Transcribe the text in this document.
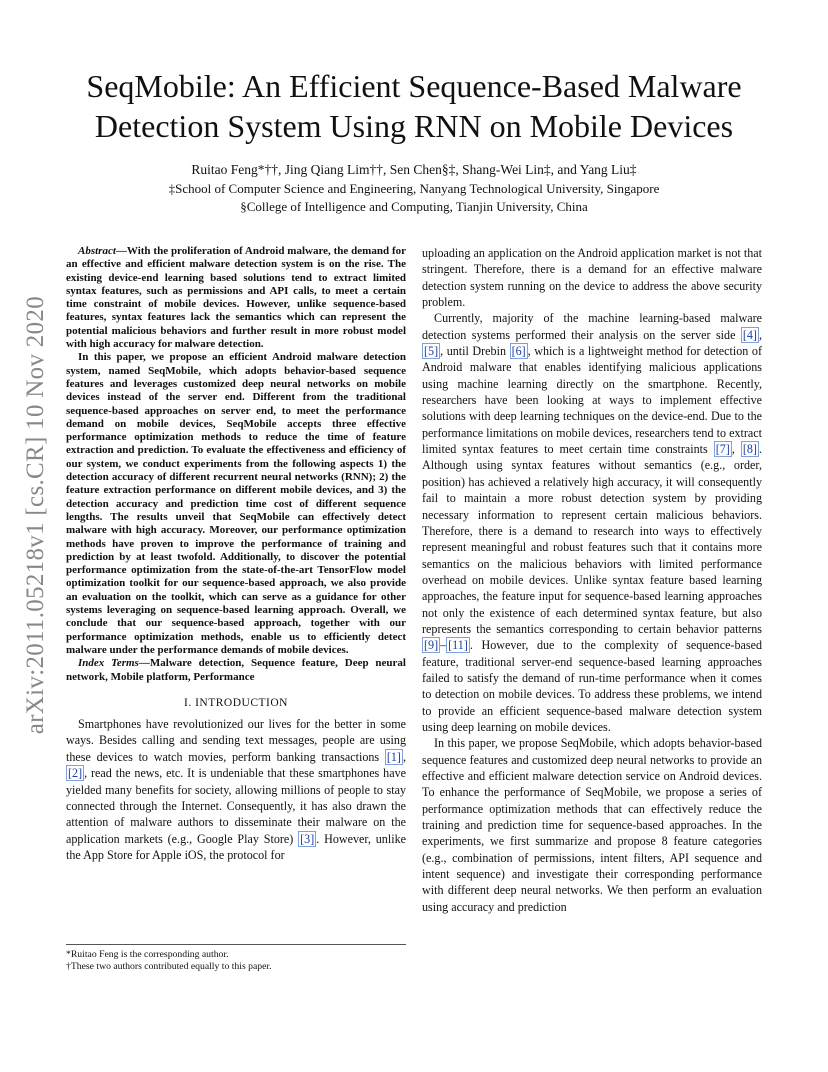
arXiv:2011.05218v1 [cs.CR] 10 Nov 2020
SeqMobile: An Efficient Sequence-Based Malware
Detection System Using RNN on Mobile Devices
Ruitao Feng*††, Jing Qiang Lim††, Sen Chen§‡, Shang-Wei Lin‡, and Yang Liu‡
‡School of Computer Science and Engineering, Nanyang Technological University, Singapore
§College of Intelligence and Computing, Tianjin University, China

Abstract—With the proliferation of Android malware, the demand for an effective and efficient malware detection system is on the rise. The existing device-end learning based solutions tend to extract limited syntax features, such as permissions and API calls, to meet a certain time constraint of mobile devices. However, unlike sequence-based features, syntax features lack the semantics which can represent the potential malicious behaviors and further result in more robust model with high accuracy for malware detection.

In this paper, we propose an efficient Android malware detection system, named SeqMobile, which adopts behavior-based sequence features and leverages customized deep neural networks on mobile devices instead of the server end. Different from the traditional sequence-based approaches on server end, to meet the performance demand on mobile devices, SeqMobile accepts three effective performance optimization methods to reduce the time of feature extraction and prediction. To evaluate the effectiveness and efficiency of our system, we conduct experiments from the following aspects 1) the detection accuracy of different recurrent neural networks (RNN); 2) the feature extraction performance on different mobile devices, and 3) the detection accuracy and prediction time cost of different sequence lengths. The results unveil that SeqMobile can effectively detect malware with high accuracy. Moreover, our performance optimization methods have proven to improve the performance of training and prediction by at least twofold. Additionally, to discover the potential performance optimization from the state-of-the-art TensorFlow model optimization toolkit for our sequence-based approach, we also provide an evaluation on the toolkit, which can serve as a guidance for other systems leveraging on sequence-based learning approach. Overall, we conclude that our sequence-based approach, together with our performance optimization methods, enable us to efficiently detect malware under the performance demands of mobile devices.

Index Terms—Malware detection, Sequence feature, Deep neural network, Mobile platform, Performance

I. INTRODUCTION

Smartphones have revolutionized our lives for the better in some ways. Besides calling and sending text messages, people are using these devices to watch movies, perform banking transactions [1] , [2] , read the news, etc. It is undeniable that these smartphones have yielded many benefits for society, allowing millions of people to stay connected through the Internet. Consequently, it has also drawn the attention of malware authors to disseminate their malware on the application markets (e.g., Google Play Store) [3] . However, unlike the App Store for Apple iOS, the protocol for

*Ruitao Feng is the corresponding author.
†These two authors contributed equally to this paper.

uploading an application on the Android application market is not that stringent. Therefore, there is a demand for an effective malware detection system running on the device to address the above security problem.

Currently, majority of the machine learning-based malware detection systems performed their analysis on the server side [4] , [5] , until Drebin [6] , which is a lightweight method for detection of Android malware that enables identifying malicious applications using machine learning directly on the smartphone. Recently, researchers have been looking at ways to implement effective solutions with deep learning techniques on the device-end. Due to the performance limitations on mobile devices, researchers tend to extract limited syntax features to meet certain time constraints [7] , [8] . Although using syntax features without semantics (e.g., order, position) has achieved a relatively high accuracy, it will consequently fail to maintain a more robust detection system by providing necessary information to represent certain malicious behaviors. Therefore, there is a demand to research into ways to effectively represent meaningful and robust features such that it contains more semantics on the malicious behaviors with limited performance overhead on mobile devices. Unlike syntax feature based learning approaches, the feature input for sequence-based learning approaches not only the existence of each determined syntax feature, but also represents the semantics corresponding to certain behavior patterns [9] – [11] . However, due to the complexity of sequence-based feature, traditional server-end sequence-based learning approaches failed to satisfy the demand of run-time performance when it comes to detection on mobile devices. To address these problems, we intend to provide an efficient sequence-based malware detection system using deep learning on mobile devices.

In this paper, we propose SeqMobile, which adopts behavior-based sequence features and customized deep neural networks to provide an effective and efficient malware detection service on Android devices. To enhance the performance of SeqMobile, we propose a series of performance optimization methods that can effectively reduce the training and prediction time for sequence-based approaches. In the experiments, we first summarize and propose 8 feature categories (e.g., combination of permissions, intent filters, API sequence and intent sequence) and investigate their corresponding performance with different deep neural networks. We then perform an evaluation using accuracy and prediction
